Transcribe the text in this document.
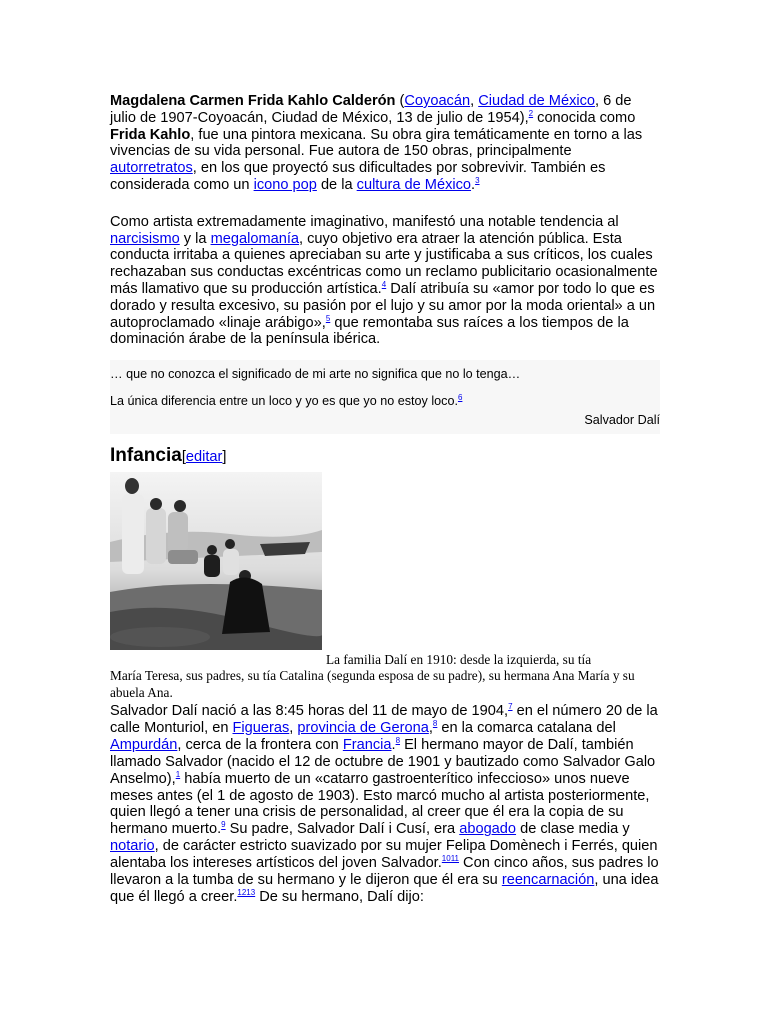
Magdalena Carmen Frida Kahlo Calderón (Coyoacán, Ciudad de México, 6 de julio de 1907-Coyoacán, Ciudad de México, 13 de julio de 1954),$^2$ conocida como Frida Kahlo, fue una pintora mexicana. Su obra gira temáticamente en torno a las vivencias de su vida personal. Fue autora de 150 obras, principalmente autorretratos, en los que proyectó sus dificultades por sobrevivir. También es considerada como un icono pop de la cultura de México.$^3$

Como artista extremadamente imaginativo, manifestó una notable tendencia al narcisismo y la megalomanía, cuyo objetivo era atraer la atención pública. Esta conducta irritaba a quienes apreciaban su arte y justificaba a sus críticos, los cuales rechazaban sus conductas excéntricas como un reclamo publicitario ocasionalmente más llamativo que su producción artística.$^4$ Dalí atribuía su «amor por todo lo que es dorado y resulta excesivo, su pasión por el lujo y su amor por la moda oriental» a un autoproclamado «linaje arábigo»,$^5$ que remontaba sus raíces a los tiempos de la dominación árabe de la península ibérica.

… que no conozca el significado de mi arte no significa que no lo tenga…
La única diferencia entre un loco y yo es que yo no estoy loco.$^6$
Salvador Dalí
Infancia[editar]

La familia Dalí en 1910: desde la izquierda, su tía
María Teresa, sus padres, su tía Catalina (segunda esposa de su padre), su hermana Ana María y su abuela Ana.

Salvador Dalí nació a las 8:45 horas del 11 de mayo de 1904,$^7$ en el número 20 de la calle Monturiol, en Figueras, provincia de Gerona,$^8$ en la comarca catalana del Ampurdán, cerca de la frontera con Francia.$^8$ El hermano mayor de Dalí, también llamado Salvador (nacido el 12 de octubre de 1901 y bautizado como Salvador Galo Anselmo),$^1$ había muerto de un «catarro gastroenterítico infeccioso» unos nueve meses antes (el 1 de agosto de 1903). Esto marcó mucho al artista posteriormente, quien llegó a tener una crisis de personalidad, al creer que él era la copia de su hermano muerto.$^9$ Su padre, Salvador Dalí i Cusí, era abogado de clase media y notario, de carácter estricto suavizado por su mujer Felipa Domènech i Ferrés, quien alentaba los intereses artísticos del joven Salvador.$^{1011}$ Con cinco años, sus padres lo llevaron a la tumba de su hermano y le dijeron que él era su reencarnación, una idea que él llegó a creer.$^{1213}$ De su hermano, Dalí dijo:
